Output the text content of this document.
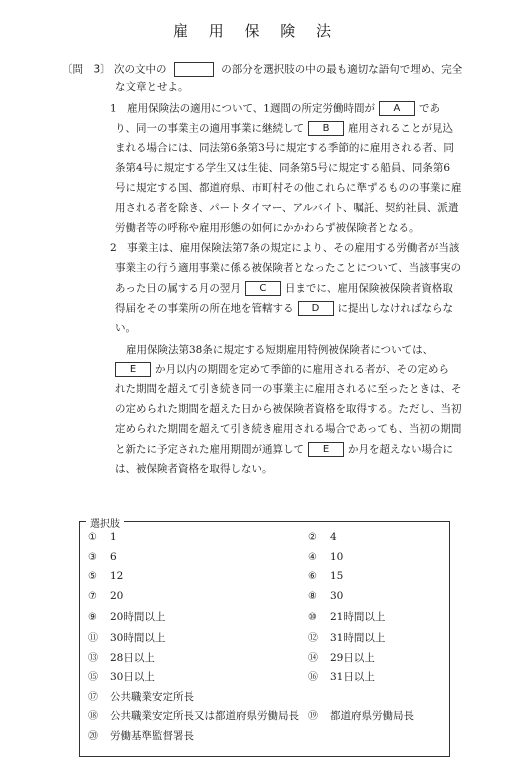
雇 用 保 険 法
〔問　3〕 次の文中の	の部分を選択肢の中の最も適切な語句で埋め、完全
な文章とせよ。
1　雇用保険法の適用について、1週間の所定労働時間が A であ
り、同一の事業主の適用事業に継続して B 雇用されることが見込
まれる場合には、同法第6条第3号に規定する季節的に雇用される者、同
条第4号に規定する学生又は生徒、同条第5号に規定する船員、同条第6
号に規定する国、都道府県、市町村その他これらに準ずるものの事業に雇
用される者を除き、パートタイマー、アルバイト、嘱託、契約社員、派遣
労働者等の呼称や雇用形態の如何にかかわらず被保険者となる。
2　事業主は、雇用保険法第7条の規定により、その雇用する労働者が当該
事業主の行う適用事業に係る被保険者となったことについて、当該事実の
あった日の属する月の翌月 C 日までに、雇用保険被保険者資格取
得届をその事業所の所在地を管轄する D に提出しなければならな
い。
雇用保険法第38条に規定する短期雇用特例被保険者については、
E か月以内の期間を定めて季節的に雇用される者が、その定めら
れた期間を超えて引き続き同一の事業主に雇用されるに至ったときは、そ
の定められた期間を超えた日から被保険者資格を取得する。ただし、当初
定められた期間を超えて引き続き雇用される場合であっても、当初の期間
と新たに予定された雇用期間が通算して E か月を超えない場合に
は、被保険者資格を取得しない。
選択肢
① 1	② 4
③ 6	④ 10
⑤ 12	⑥ 15
⑦ 20	⑧ 30
⑨ 20時間以上	⑩ 21時間以上
⑪ 30時間以上	⑫ 31時間以上
⑬ 28日以上	⑭ 29日以上
⑮ 30日以上	⑯ 31日以上
⑰ 公共職業安定所長
⑱ 公共職業安定所長又は都道府県労働局長 ⑲ 都道府県労働局長
⑳ 労働基準監督署長
